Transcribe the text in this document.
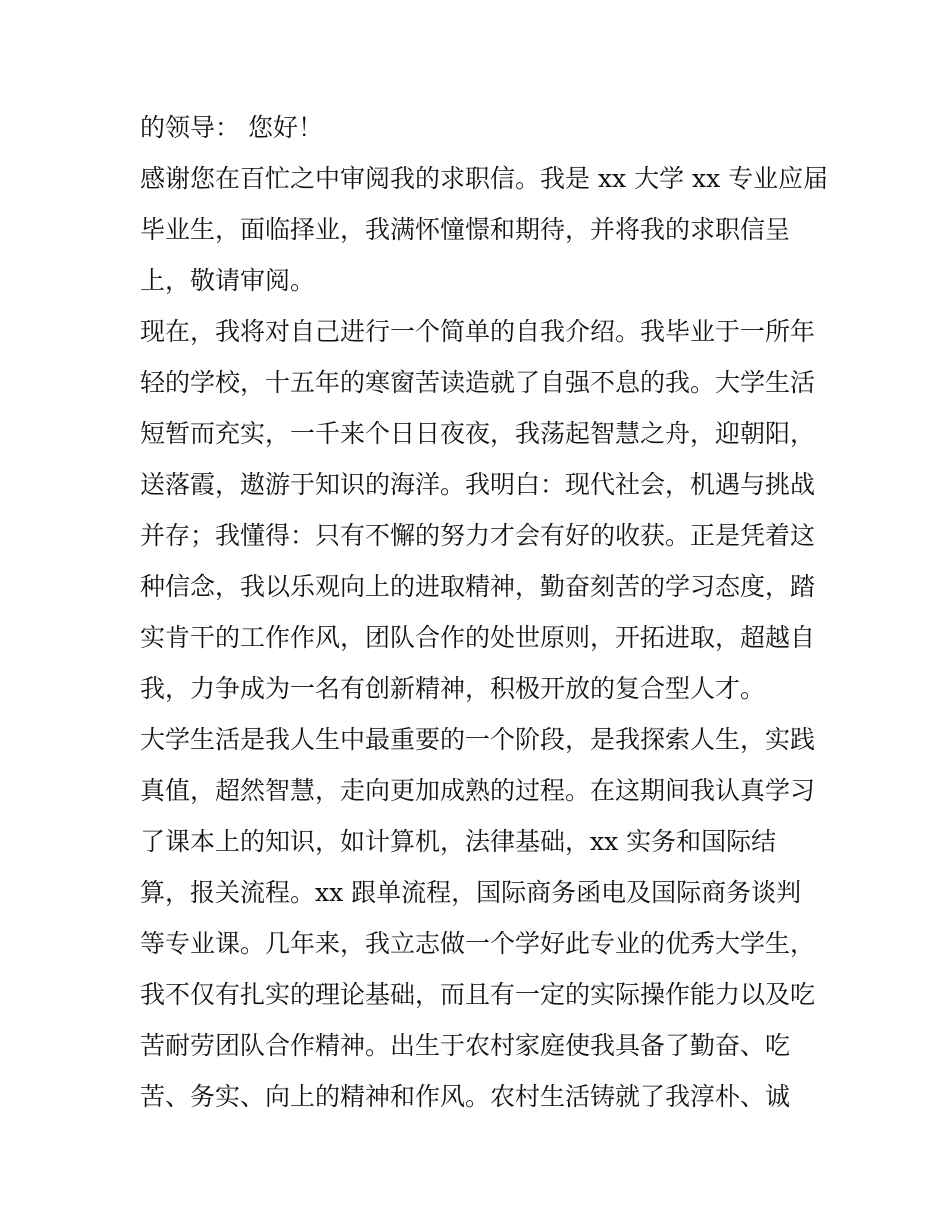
的领导： 您好！
感谢您在百忙之中审阅我的求职信。我是 xx 大学 xx 专业应届
毕业生，面临择业，我满怀憧憬和期待，并将我的求职信呈
上，敬请审阅。
现在，我将对自己进行一个简单的自我介绍。我毕业于一所年
轻的学校，十五年的寒窗苦读造就了自强不息的我。大学生活
短暂而充实，一千来个日日夜夜，我荡起智慧之舟，迎朝阳，
送落霞，遨游于知识的海洋。我明白：现代社会，机遇与挑战
并存；我懂得：只有不懈的努力才会有好的收获。正是凭着这
种信念，我以乐观向上的进取精神，勤奋刻苦的学习态度，踏
实肯干的工作作风，团队合作的处世原则，开拓进取，超越自
我，力争成为一名有创新精神，积极开放的复合型人才。
大学生活是我人生中最重要的一个阶段，是我探索人生，实践
真值，超然智慧，走向更加成熟的过程。在这期间我认真学习
了课本上的知识，如计算机，法律基础，xx 实务和国际结
算，报关流程。xx 跟单流程，国际商务函电及国际商务谈判
等专业课。几年来，我立志做一个学好此专业的优秀大学生，
我不仅有扎实的理论基础，而且有一定的实际操作能力以及吃
苦耐劳团队合作精神。出生于农村家庭使我具备了勤奋、吃
苦、务实、向上的精神和作风。农村生活铸就了我淳朴、诚
